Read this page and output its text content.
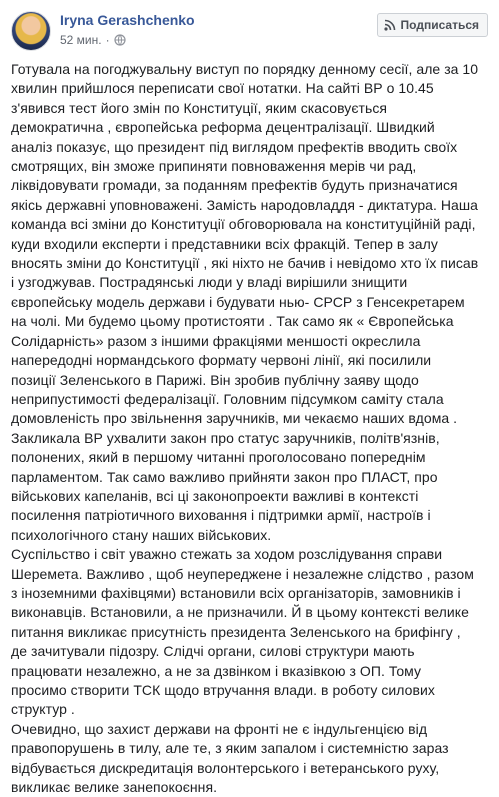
Iryna Gerashchenko
52 мин. ·
Подписаться
Готувала на погоджувальну виступ по порядку денному сесії, але за 10 хвилин прийшлося переписати свої нотатки. На сайті ВР о 10.45 з'явився тест його змін по Конституції, яким скасовується демократична , європейська реформа децентралізації. Швидкий аналіз показує, що президент під виглядом префектів вводить своїх смотрящих, він зможе припиняти повноваження мерів чи рад, ліквідовувати громади, за поданням префектів будуть призначатися якісь державні уповноважені. Замість народовладдя - диктатура. Наша команда всі зміни до Конституції обговорювала на конституційній раді, куди входили експерти і представники всіх фракцій. Тепер в залу вносять зміни до Конституції , які ніхто не бачив і невідомо хто їх писав і узгоджував. Пострадянські люди у владі вирішили знищити європейську модель держави і будувати нью- СРСР з Генсекретарем на чолі. Ми будемо цьому протистояти . Так само як « Європейська Солідарність» разом з іншими фракціями меншості окреслила напередодні нормандського формату червоні лінії, які посилили позиції Зеленського в Парижі. Він зробив публічну заяву щодо неприпустимості федералізації. Головним підсумком саміту стала домовленість про звільнення заручників, ми чекаємо наших вдома . Закликала ВР ухвалити закон про статус заручників, політв'язнів, полонених, який в першому читанні проголосовано попереднім парламентом. Так само важливо прийняти закон про ПЛАСТ, про військових капеланів, всі ці законопроекти важливі в контексті посилення патріотичного виховання і підтримки армії, настроїв і психологічного стану наших військових.
Суспільство і світ уважно стежать за ходом розслідування справи Шеремета. Важливо , щоб неупереджене і незалежне слідство , разом з іноземними фахівцями) встановили всіх організаторів, замовників і виконавців. Встановили, а не призначили. Й в цьому контексті велике питання викликає присутність президента Зеленського на брифінгу , де зачитували підозру. Слідчі органи, силові структури мають працювати незалежно, а не за дзвінком і вказівкою з ОП. Тому просимо створити ТСК щодо втручання влади. в роботу силових структур .
Очевидно, що захист держави на фронті не є індульгенцією від правопорушень в тилу, але те, з яким запалом і системністю зараз відбувається дискредитація волонтерського і ветеранського руху, викликає велике занепокоєння.
